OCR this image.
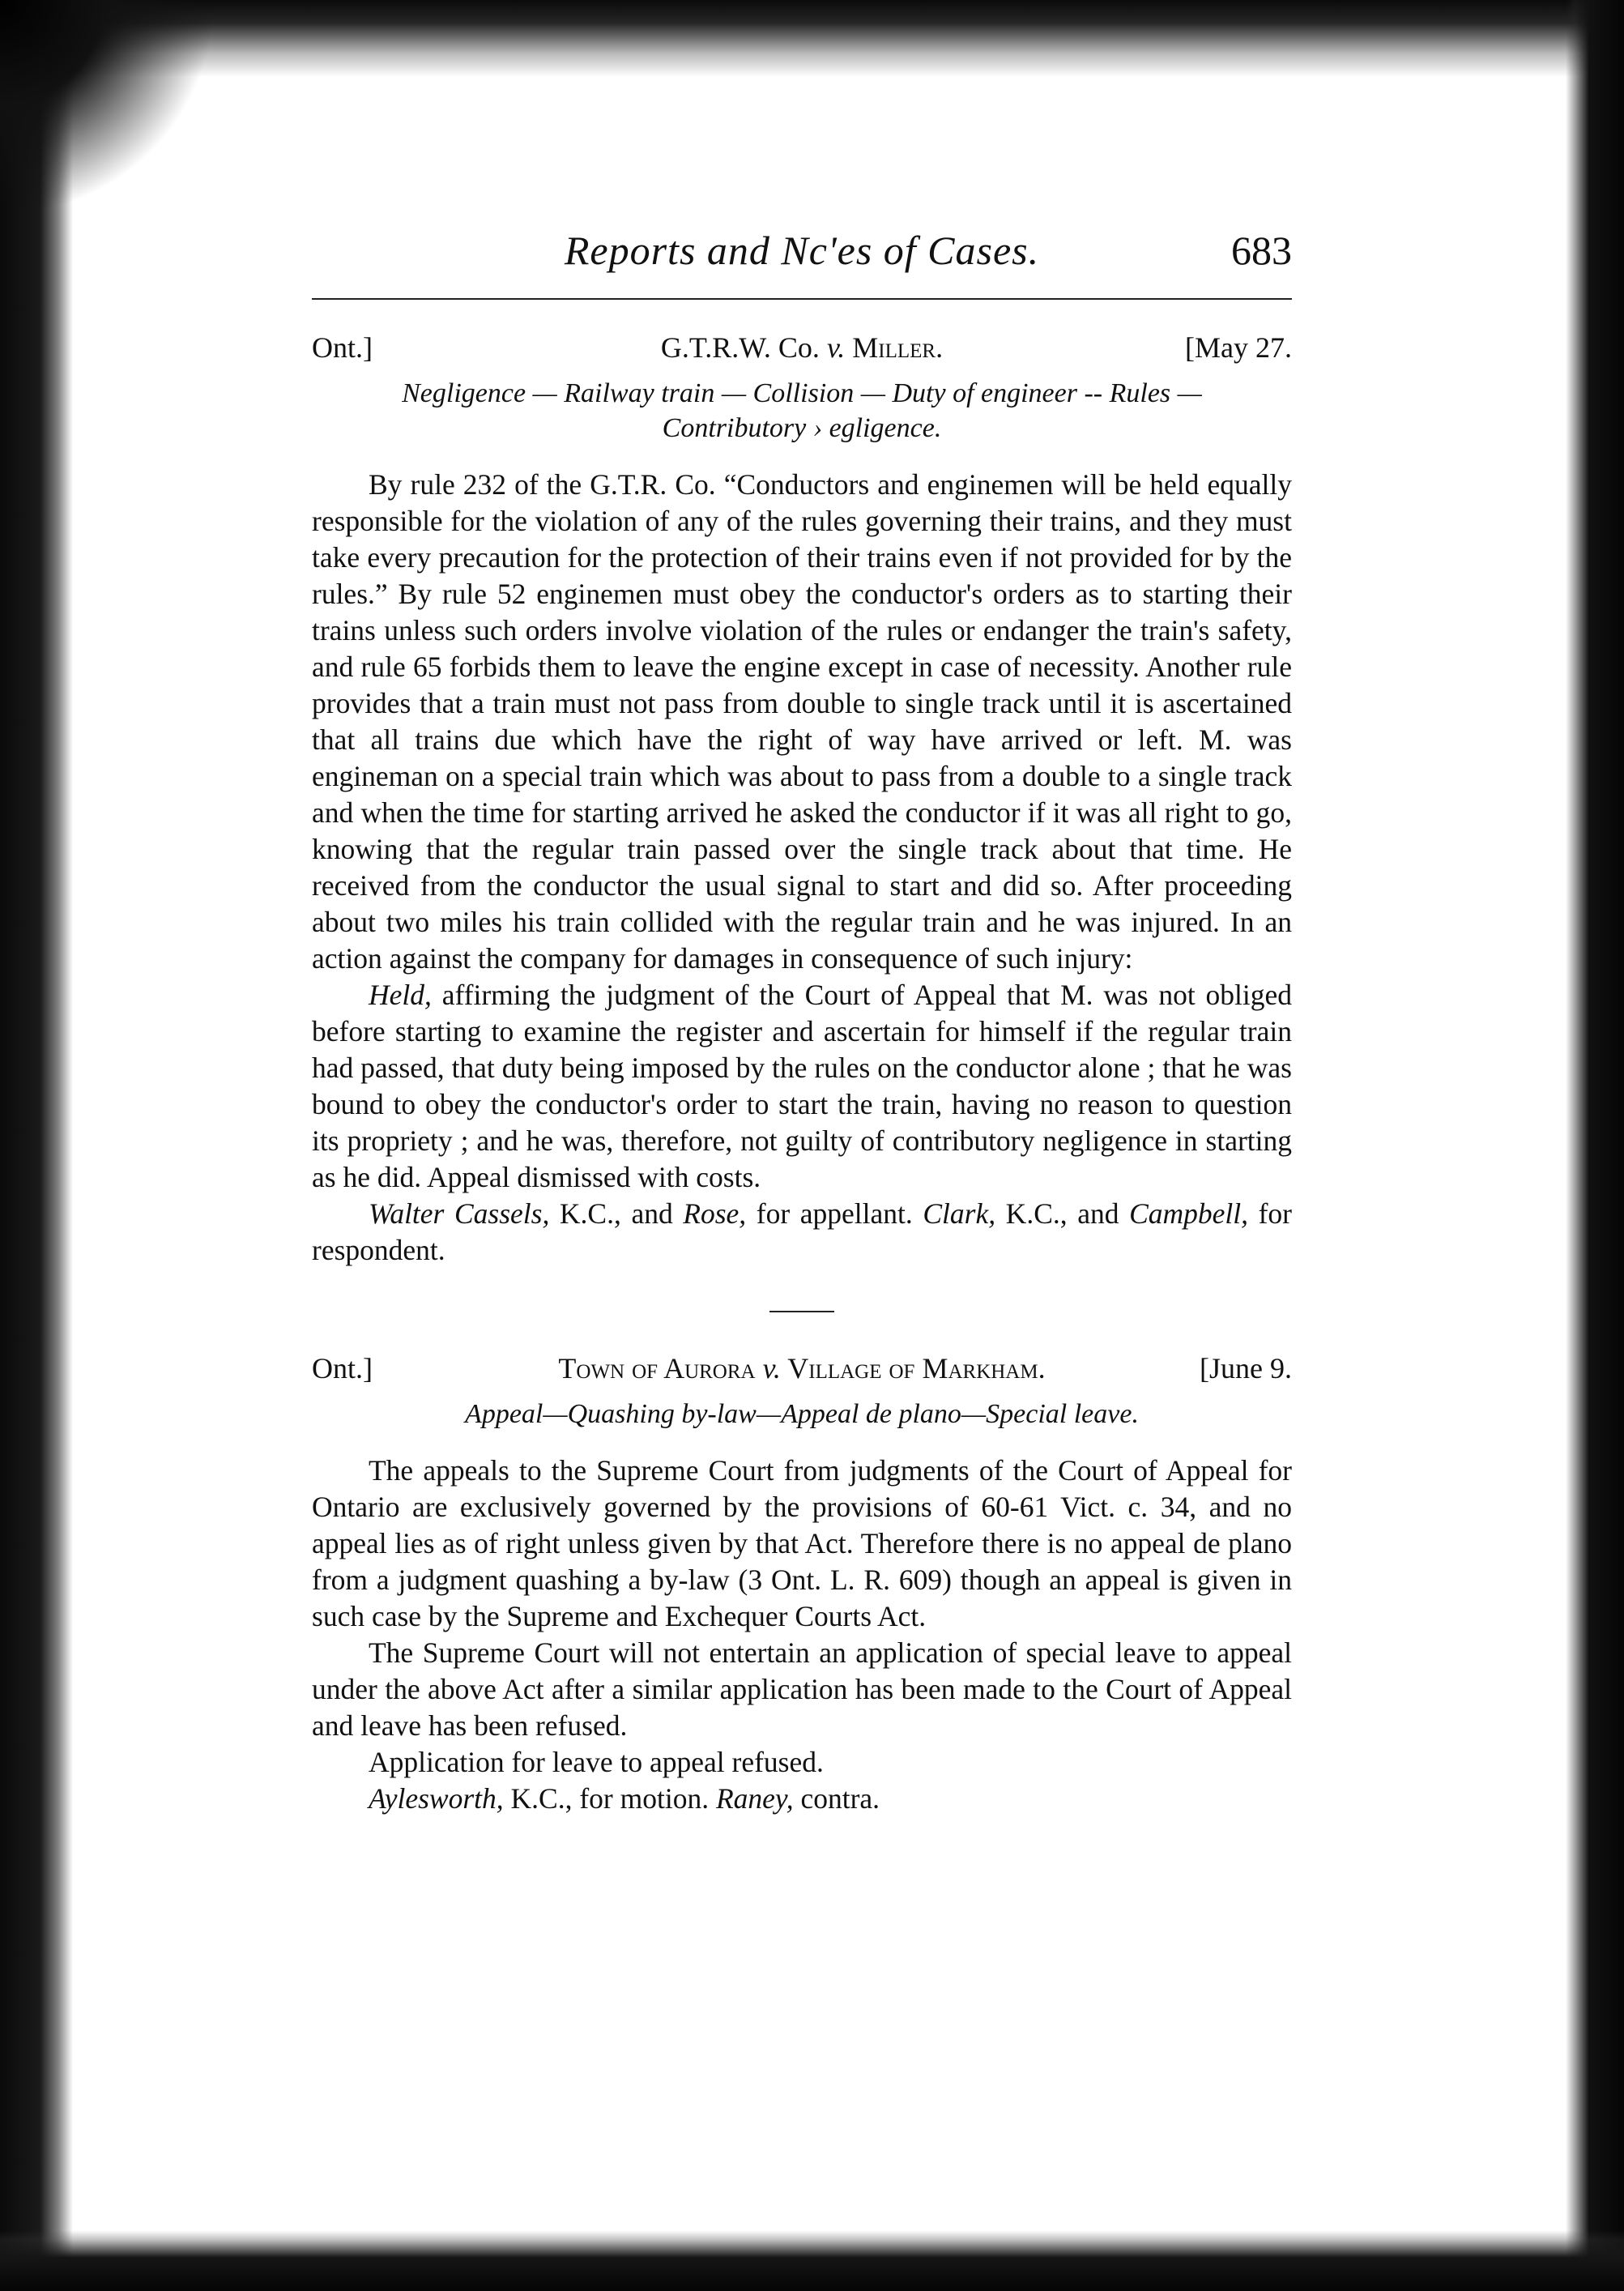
Reports and Nc'es of Cases.	683
Ont.]	G.T.R.W. Co. v. Miller.	[May 27.
Negligence — Railway train — Collision — Duty of engineer -- Rules —
Contributory › egligence.

By rule 232 of the G.T.R. Co. “Conductors and enginemen will be held equally responsible for the violation of any of the rules governing their trains, and they must take every precaution for the protection of their trains even if not provided for by the rules.” By rule 52 enginemen must obey the conductor's orders as to starting their trains unless such orders involve violation of the rules or endanger the train's safety, and rule 65 forbids them to leave the engine except in case of necessity. Another rule provides that a train must not pass from double to single track until it is ascertained that all trains due which have the right of way have arrived or left. M. was engineman on a special train which was about to pass from a double to a single track and when the time for starting arrived he asked the conductor if it was all right to go, knowing that the regular train passed over the single track about that time. He received from the conductor the usual signal to start and did so. After proceeding about two miles his train collided with the regular train and he was injured. In an action against the company for damages in consequence of such injury:

Held, affirming the judgment of the Court of Appeal that M. was not obliged before starting to examine the register and ascertain for himself if the regular train had passed, that duty being imposed by the rules on the conductor alone ; that he was bound to obey the conductor's order to start the train, having no reason to question its propriety ; and he was, therefore, not guilty of contributory negligence in starting as he did. Appeal dismissed with costs.

Walter Cassels, K.C., and Rose, for appellant. Clark, K.C., and Campbell, for respondent.

Ont.]	Town of Aurora v. Village of Markham.	[June 9.
Appeal—Quashing by-law—Appeal de plano—Special leave.

The appeals to the Supreme Court from judgments of the Court of Appeal for Ontario are exclusively governed by the provisions of 60-61 Vict. c. 34, and no appeal lies as of right unless given by that Act. Therefore there is no appeal de plano from a judgment quashing a by-law (3 Ont. L. R. 609) though an appeal is given in such case by the Supreme and Exchequer Courts Act.

The Supreme Court will not entertain an application of special leave to appeal under the above Act after a similar application has been made to the Court of Appeal and leave has been refused.

Application for leave to appeal refused.

Aylesworth, K.C., for motion. Raney, contra.
